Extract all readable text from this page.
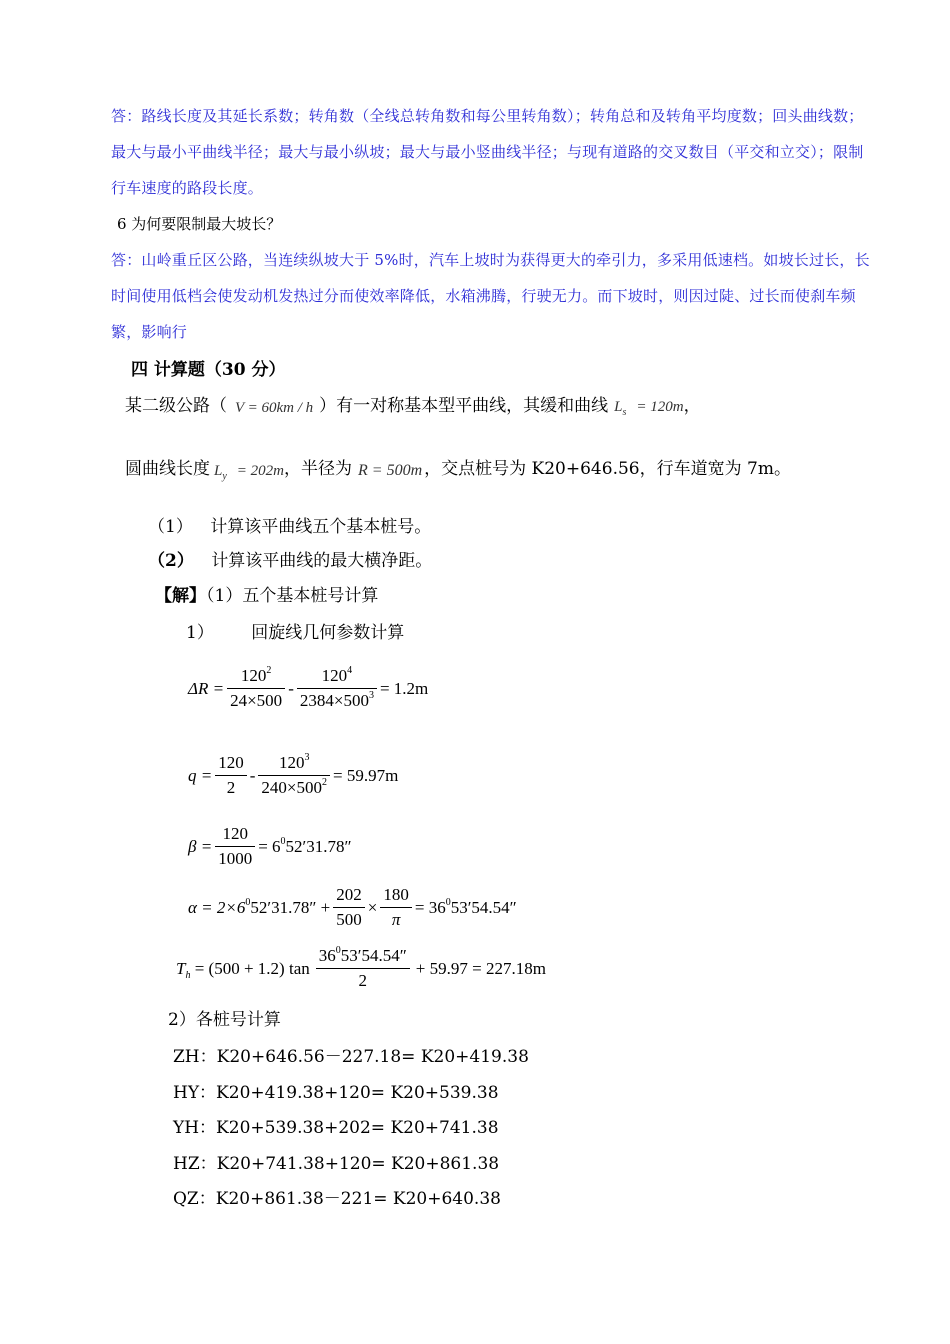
答：路线长度及其延长系数；转角数（全线总转角数和每公里转角数）；转角总和及转角平均度数；回头曲线数；最大与最小平曲线半径；最大与最小纵坡；最大与最小竖曲线半径；与现有道路的交叉数目（平交和立交）；限制行车速度的路段长度。
6 为何要限制最大坡长？
答：山岭重丘区公路，当连续纵坡大于 5%时，汽车上坡时为获得更大的牵引力，多采用低速档。如坡长过长，长时间使用低档会使发动机发热过分而使效率降低，水箱沸腾，行驶无力。而下坡时，则因过陡、过长而使刹车频繁，影响行
四 计算题（30 分）
某二级公路（ V = 60km / h ）有一对称基本型平曲线，其缓和曲线 $L_s = 120m$ ，
圆曲线长度 $L_y = 202m$ ，半径为 R = 500m ，交点桩号为 K20+646.56，行车道宽为 7m。
（1） 计算该平曲线五个基本桩号。
（2） 计算该平曲线的最大横净距。
【解】（1）五个基本桩号计算
1） 回旋线几何参数计算
$\Delta R = \frac{120^2}{24\times 500} - \frac{120^4}{2384\times 500^3} = 1.2m$
$q = \frac{120}{2} - \frac{120^3}{240\times 500^2} = 59.97m$
$\beta = \frac{120}{1000} = 6^052'31.78''$
$\alpha = 2\times 6^052'31.78'' + \frac{202}{500} \times \frac{180}{\pi} = 36^053'54.54''$
$T_h = (500 + 1.2)$ $\tan \frac{36^053'54.54''}{2} + 59.97 = 227.18m$
2）各桩号计算
ZH：K20+646.56－227.18= K20+419.38
HY：K20+419.38+120= K20+539.38
YH：K20+539.38+202= K20+741.38
HZ：K20+741.38+120= K20+861.38
QZ：K20+861.38－221= K20+640.38
